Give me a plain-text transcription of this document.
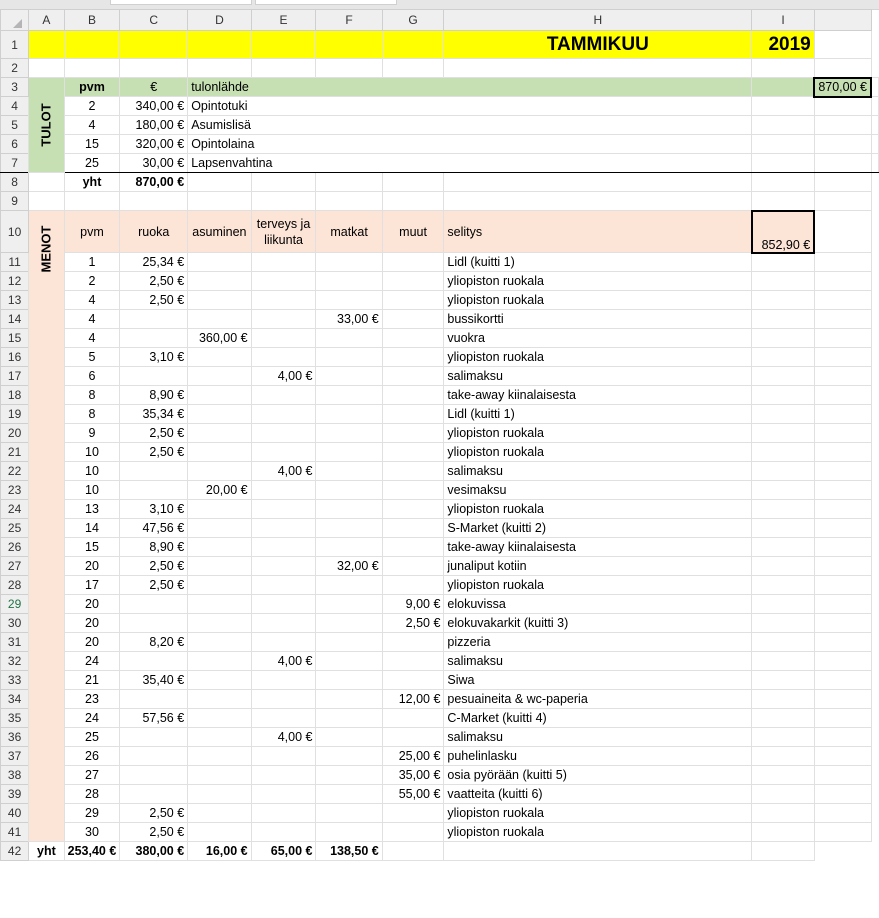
	A	B	C	D	E	F	G	H	I		
1								TAMMIKUU	2019		
2											
3	TULOT	pvm	€	tulonlähde						870,00 €	
4		2	340,00 €	Opintotuki							
5		4	180,00 €	Asumislisä							
6		15	320,00 €	Opintolaina							
7		25	30,00 €	Lapsenvahtina							
8		yht	870,00 €								
9											
10	MENOT	pvm	ruoka	asuminen	terveys ja liikunta	matkat	muut	selitys	852,90 €		
11		1	25,34 €					Lidl (kuitti 1)			
12		2	2,50 €					yliopiston ruokala			
13		4	2,50 €					yliopiston ruokala			
14		4				33,00 €		bussikortti			
15		4		360,00 €				vuokra			
16		5	3,10 €					yliopiston ruokala			
17		6			4,00 €			salimaksu			
18		8	8,90 €					take-away kiinalaisesta			
19		8	35,34 €					Lidl (kuitti 1)			
20		9	2,50 €					yliopiston ruokala			
21		10	2,50 €					yliopiston ruokala			
22		10			4,00 €			salimaksu			
23		10		20,00 €				vesimaksu			
24		13	3,10 €					yliopiston ruokala			
25		14	47,56 €					S-Market (kuitti 2)			
26		15	8,90 €					take-away kiinalaisesta			
27		20	2,50 €			32,00 €		junaliput kotiin			
28		17	2,50 €					yliopiston ruokala			
29		20					9,00 €	elokuvissa			
30		20					2,50 €	elokuvakarkit (kuitti 3)			
31		20	8,20 €					pizzeria			
32		24			4,00 €			salimaksu			
33		21	35,40 €					Siwa			
34		23					12,00 €	pesuaineita & wc-paperia			
35		24	57,56 €					C-Market (kuitti 4)			
36		25			4,00 €			salimaksu			
37		26					25,00 €	puhelinlasku			
38		27					35,00 €	osia pyörään (kuitti 5)			
39		28					55,00 €	vaatteita (kuitti 6)			
40		29	2,50 €					yliopiston ruokala			
41		30	2,50 €					yliopiston ruokala			
42	yht	253,40 €	380,00 €	16,00 €	65,00 €	138,50 €					
